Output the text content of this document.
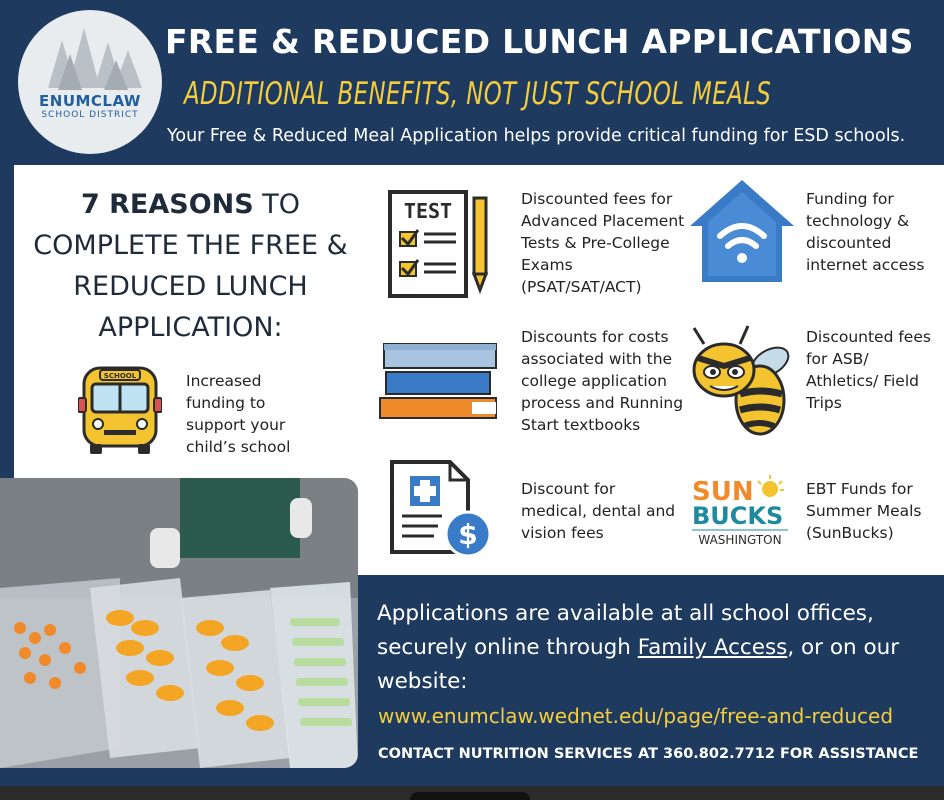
ENUMCLAW
SCHOOL DISTRICT
FREE & REDUCED LUNCH APPLICATIONS
ADDITIONAL BENEFITS, NOT JUST SCHOOL MEALS
Your Free & Reduced Meal Application helps provide critical funding for ESD schools.
7 REASONS TO COMPLETE THE FREE & REDUCED LUNCH APPLICATION:
SCHOOL	Increased funding to support your child’s school
TEST	Discounted fees for Advanced Placement Tests & Pre-College Exams (PSAT/SAT/ACT)
Funding for technology & discounted internet access
Discounts for costs associated with the college application process and Running Start textbooks
Discounted fees for ASB/ Athletics/ Field Trips
$
Discount for medical, dental and vision fees
SUN
BUCKS
WASHINGTON
EBT Funds for Summer Meals (SunBucks)
Applications are available at all school offices, securely online through Family Access, or on our website:
www.enumclaw.wednet.edu/page/free-and-reduced
CONTACT NUTRITION SERVICES AT 360.802.7712 FOR ASSISTANCE
